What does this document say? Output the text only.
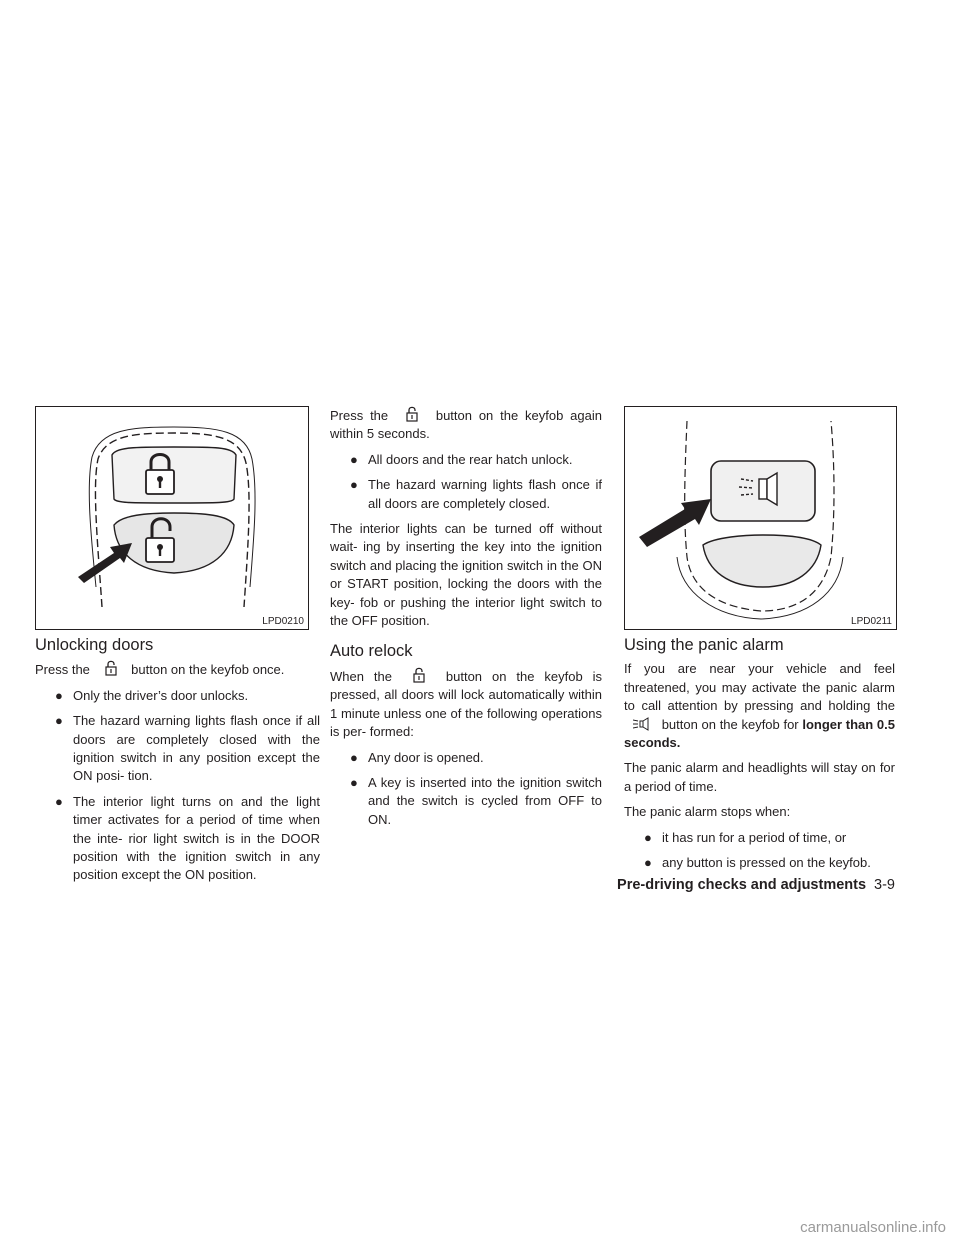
LPD0210	LPD0211
Unlocking doors

Press the	button on the keyfob once.

● Only the driver’s door unlocks.
● The hazard warning lights flash once if all doors are completely closed with the ignition switch in any position except the ON posi- tion.
● The interior light turns on and the light timer activates for a period of time when the inte- rior light switch is in the DOOR position with the ignition switch in any position except the ON position.

Press the	button on the keyfob again within 5 seconds.

● All doors and the rear hatch unlock.
● The hazard warning lights flash once if all doors are completely closed.

The interior lights can be turned off without wait- ing by inserting the key into the ignition switch and placing the ignition switch in the ON or START position, locking the doors with the key- fob or pushing the interior light switch to the OFF position.

Auto relock

When the	button on the keyfob is pressed, all doors will lock automatically within 1 minute unless one of the following operations is per- formed:

● Any door is opened.
● A key is inserted into the ignition switch and the switch is cycled from OFF to ON.
Using the panic alarm

If you are near your vehicle and feel threatened, you may activate the panic alarm to call attention by pressing and holding the  button on the keyfob for longer than 0.5 seconds.

The panic alarm and headlights will stay on for a period of time.

The panic alarm stops when:

● it has run for a period of time, or
● any button is pressed on the keyfob.
Pre-driving checks and adjustments 3-9
carmanualsonline.info
